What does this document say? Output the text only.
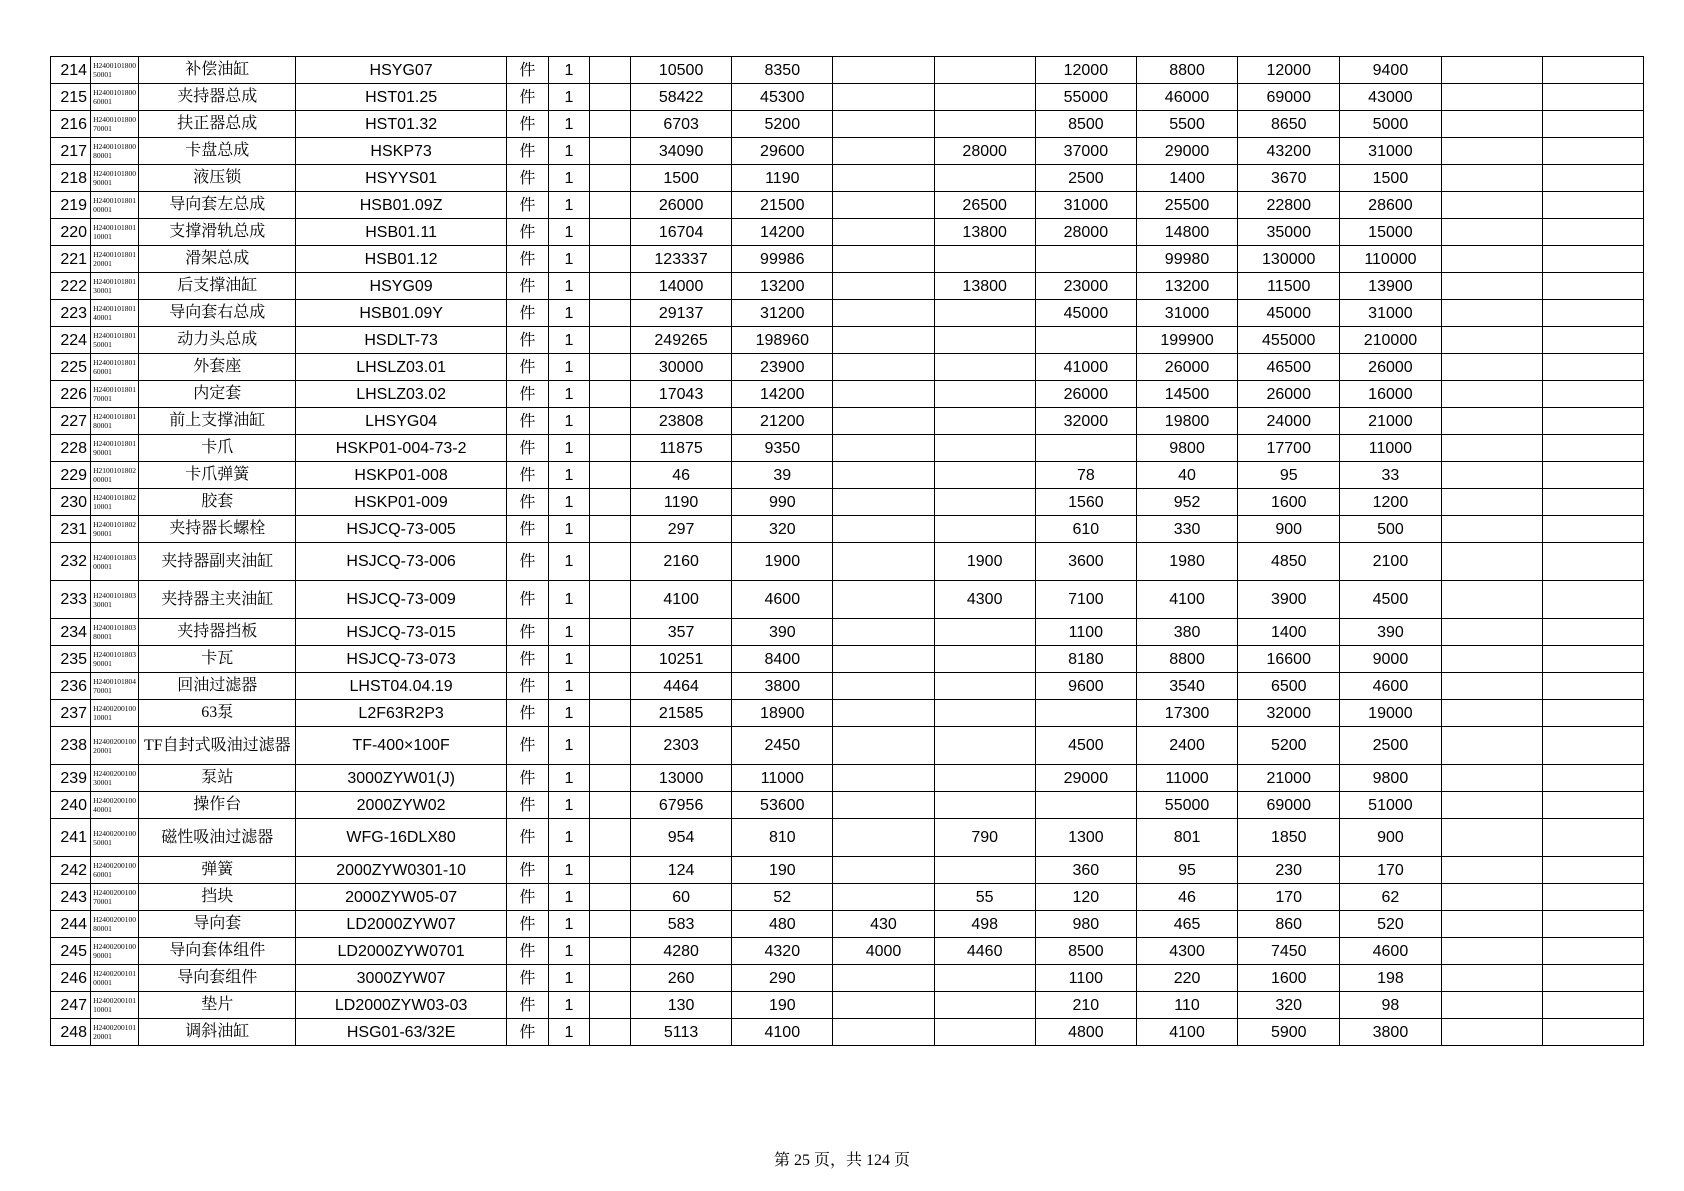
214	H240010180050001	补偿油缸	HSYG07	件	1		10500	8350			12000	8800	12000	9400		
215	H240010180060001	夹持器总成	HST01.25	件	1		58422	45300			55000	46000	69000	43000		
216	H240010180070001	扶正器总成	HST01.32	件	1		6703	5200			8500	5500	8650	5000		
217	H240010180080001	卡盘总成	HSKP73	件	1		34090	29600		28000	37000	29000	43200	31000		
218	H240010180090001	液压锁	HSYYS01	件	1		1500	1190			2500	1400	3670	1500		
219	H240010180100001	导向套左总成	HSB01.09Z	件	1		26000	21500		26500	31000	25500	22800	28600		
220	H240010180110001	支撑滑轨总成	HSB01.11	件	1		16704	14200		13800	28000	14800	35000	15000		
221	H240010180120001	滑架总成	HSB01.12	件	1		123337	99986				99980	130000	110000		
222	H240010180130001	后支撑油缸	HSYG09	件	1		14000	13200		13800	23000	13200	11500	13900		
223	H240010180140001	导向套右总成	HSB01.09Y	件	1		29137	31200			45000	31000	45000	31000		
224	H240010180150001	动力头总成	HSDLT-73	件	1		249265	198960				199900	455000	210000		
225	H240010180160001	外套座	LHSLZ03.01	件	1		30000	23900			41000	26000	46500	26000		
226	H240010180170001	内定套	LHSLZ03.02	件	1		17043	14200			26000	14500	26000	16000		
227	H240010180180001	前上支撑油缸	LHSYG04	件	1		23808	21200			32000	19800	24000	21000		
228	H240010180190001	卡爪	HSKP01-004-73-2	件	1		11875	9350				9800	17700	11000		
229	H210010180200001	卡爪弹簧	HSKP01-008	件	1		46	39			78	40	95	33		
230	H240010180210001	胶套	HSKP01-009	件	1		1190	990			1560	952	1600	1200		
231	H240010180290001	夹持器长螺栓	HSJCQ-73-005	件	1		297	320			610	330	900	500		
232	H240010180300001	夹持器副夹油缸	HSJCQ-73-006	件	1		2160	1900		1900	3600	1980	4850	2100		
233	H240010180330001	夹持器主夹油缸	HSJCQ-73-009	件	1		4100	4600		4300	7100	4100	3900	4500		
234	H240010180380001	夹持器挡板	HSJCQ-73-015	件	1		357	390			1100	380	1400	390		
235	H240010180390001	卡瓦	HSJCQ-73-073	件	1		10251	8400			8180	8800	16600	9000		
236	H240010180470001	回油过滤器	LHST04.04.19	件	1		4464	3800			9600	3540	6500	4600		
237	H240020010010001	63泵	L2F63R2P3	件	1		21585	18900				17300	32000	19000		
238	H240020010020001	TF自封式吸油过滤器	TF-400×100F	件	1		2303	2450			4500	2400	5200	2500		
239	H240020010030001	泵站	3000ZYW01(J)	件	1		13000	11000			29000	11000	21000	9800		
240	H240020010040001	操作台	2000ZYW02	件	1		67956	53600				55000	69000	51000		
241	H240020010050001	磁性吸油过滤器	WFG-16DLX80	件	1		954	810		790	1300	801	1850	900		
242	H240020010060001	弹簧	2000ZYW0301-10	件	1		124	190			360	95	230	170		
243	H240020010070001	挡块	2000ZYW05-07	件	1		60	52		55	120	46	170	62		
244	H240020010080001	导向套	LD2000ZYW07	件	1		583	480	430	498	980	465	860	520		
245	H240020010090001	导向套体组件	LD2000ZYW0701	件	1		4280	4320	4000	4460	8500	4300	7450	4600		
246	H240020010100001	导向套组件	3000ZYW07	件	1		260	290			1100	220	1600	198		
247	H240020010110001	垫片	LD2000ZYW03-03	件	1		130	190			210	110	320	98		
248	H240020010120001	调斜油缸	HSG01-63/32E	件	1		5113	4100			4800	4100	5900	3800		
第 25 页，共 124 页
